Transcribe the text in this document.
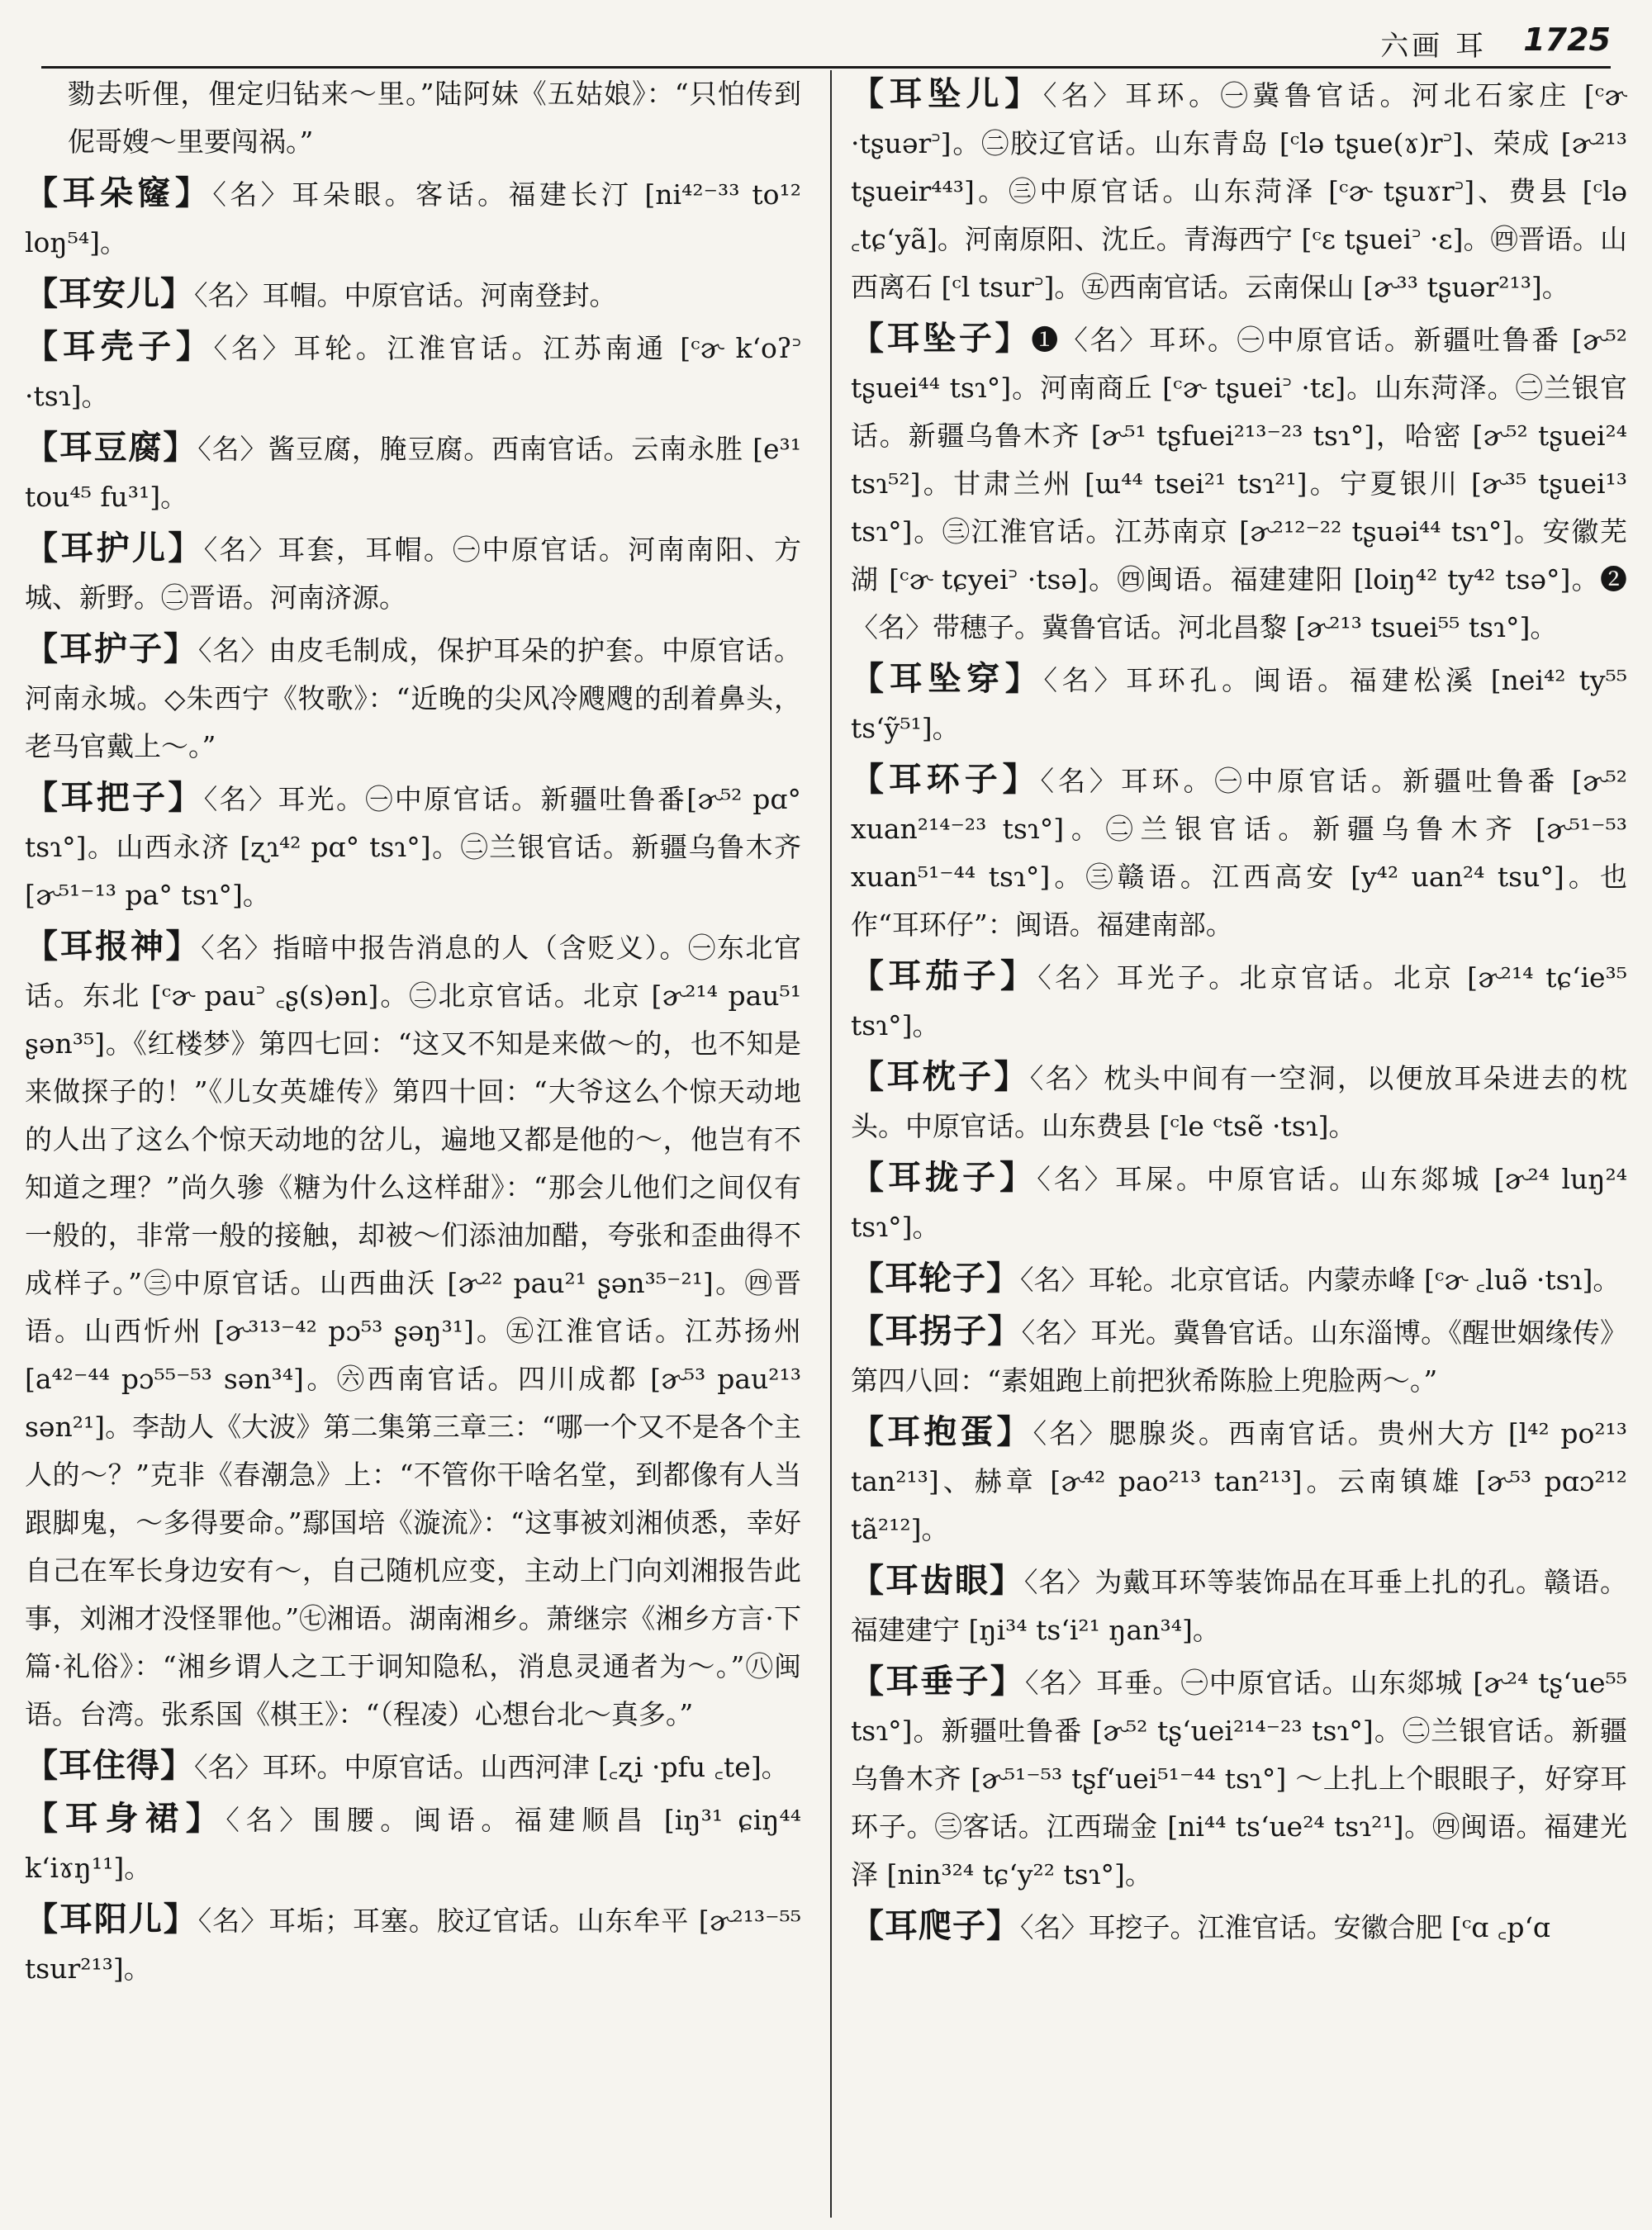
六画 耳 1725

勠去听俚，俚定归钻来～里。”陆阿妹《五姑娘》：“只怕传到伲哥嫂～里要闯祸。”

【耳朵窿】〈名〉耳朵眼。客话。福建长汀 [ni⁴²⁻³³ to¹² loŋ⁵⁴]。

【耳安儿】〈名〉耳帽。中原官话。河南登封。

【耳壳子】〈名〉耳轮。江淮官话。江苏南通 [ᶜɚ k‘oʔ꜄ ·tsɿ]。

【耳豆腐】〈名〉酱豆腐，腌豆腐。西南官话。云南永胜 [e³¹ tou⁴⁵ fu³¹]。

【耳护儿】〈名〉耳套，耳帽。㊀中原官话。河南南阳、方城、新野。㊁晋语。河南济源。

【耳护子】〈名〉由皮毛制成，保护耳朵的护套。中原官话。河南永城。◇朱西宁《牧歌》：“近晚的尖风冷飕飕的刮着鼻头，老马官戴上～。”

【耳把子】〈名〉耳光。㊀中原官话。新疆吐鲁番[ɚ⁵² pɑ° tsɿ°]。山西永济 [ʐɿ⁴² pɑ° tsɿ°]。㊁兰银官话。新疆乌鲁木齐 [ɚ⁵¹⁻¹³ pa° tsɿ°]。

【耳报神】〈名〉指暗中报告消息的人（含贬义）。㊀东北官话。东北 [ᶜɚ pau꜄ ꜀ʂ(s)ən]。㊁北京官话。北京 [ɚ²¹⁴ pau⁵¹ ʂən³⁵]。《红楼梦》第四七回：“这又不知是来做～的，也不知是来做探子的！”《儿女英雄传》第四十回：“大爷这么个惊天动地的人出了这么个惊天动地的岔儿，遍地又都是他的～，他岂有不知道之理？”尚久骖《糖为什么这样甜》：“那会儿他们之间仅有一般的，非常一般的接触，却被～们添油加醋，夸张和歪曲得不成样子。”㊂中原官话。山西曲沃 [ɚ²² pau²¹ ʂən³⁵⁻²¹]。㊃晋语。山西忻州 [ɚ³¹³⁻⁴² pɔ⁵³ ʂəŋ³¹]。㊄江淮官话。江苏扬州 [a⁴²⁻⁴⁴ pɔ⁵⁵⁻⁵³ sən³⁴]。㊅西南官话。四川成都 [ɚ⁵³ pau²¹³ sən²¹]。李劼人《大波》第二集第三章三：“哪一个又不是各个主人的～？”克非《春潮急》上：“不管你干啥名堂，到都像有人当跟脚鬼，～多得要命。”鄢国培《漩流》：“这事被刘湘侦悉，幸好自己在军长身边安有～，自己随机应变，主动上门向刘湘报告此事，刘湘才没怪罪他。”㊆湘语。湖南湘乡。萧继宗《湘乡方言·下篇·礼俗》：“湘乡谓人之工于诇知隐私，消息灵通者为～。”㊇闽语。台湾。张系国《棋王》：“（程凌）心想台北～真多。”

【耳住得】〈名〉耳环。中原官话。山西河津 [꜀ʐi ·pfu ꜀te]。

【耳身裙】〈名〉围腰。闽语。福建顺昌 [iŋ³¹ ɕiŋ⁴⁴ k‘iɤŋ¹¹]。

【耳阳儿】〈名〉耳垢；耳塞。胶辽官话。山东牟平 [ɚ²¹³⁻⁵⁵ tsur²¹³]。

【耳坠儿】〈名〉耳环。㊀冀鲁官话。河北石家庄 [ᶜɚ ·tʂuər꜄]。㊁胶辽官话。山东青岛 [ᶜlə tʂue(ɤ)r꜄]、荣成 [ɚ²¹³ tʂueir⁴⁴³]。㊂中原官话。山东菏泽 [ᶜɚ tʂuɤr꜄]、费县 [ᶜlə ꜀tɕ‘yã]。河南原阳、沈丘。青海西宁 [ᶜɛ tʂuei꜄ ·ɛ]。㊃晋语。山西离石 [ᶜl tsur꜄]。㊄西南官话。云南保山 [ɚ³³ tʂuər²¹³]。

【耳坠子】❶〈名〉耳环。㊀中原官话。新疆吐鲁番 [ɚ⁵² tʂuei⁴⁴ tsɿ°]。河南商丘 [ᶜɚ tʂuei꜄ ·tɛ]。山东菏泽。㊁兰银官话。新疆乌鲁木齐 [ɚ⁵¹ tʂfuei²¹³⁻²³ tsɿ°]，哈密 [ɚ⁵² tʂuei²⁴ tsɿ⁵²]。甘肃兰州 [ɯ⁴⁴ tsei²¹ tsɿ²¹]。宁夏银川 [ɚ³⁵ tʂuei¹³ tsɿ°]。㊂江淮官话。江苏南京 [ɚ²¹²⁻²² tʂuəi⁴⁴ tsɿ°]。安徽芜湖 [ᶜɚ tɕyei꜄ ·tsə]。㊃闽语。福建建阳 [loiŋ⁴² ty⁴² tsə°]。❷〈名〉带穗子。冀鲁官话。河北昌黎 [ɚ²¹³ tsuei⁵⁵ tsɿ°]。

【耳坠穿】〈名〉耳环孔。闽语。福建松溪 [nei⁴² ty⁵⁵ ts‘ỹ⁵¹]。

【耳环子】〈名〉耳环。㊀中原官话。新疆吐鲁番 [ɚ⁵² xuan²¹⁴⁻²³ tsɿ°]。㊁兰银官话。新疆乌鲁木齐 [ɚ⁵¹⁻⁵³ xuan⁵¹⁻⁴⁴ tsɿ°]。㊂赣语。江西高安 [y⁴² uan²⁴ tsu°]。也作“耳环仔”：闽语。福建南部。

【耳茄子】〈名〉耳光子。北京官话。北京 [ɚ²¹⁴ tɕ‘ie³⁵ tsɿ°]。

【耳枕子】〈名〉枕头中间有一空洞，以便放耳朵进去的枕头。中原官话。山东费县 [ᶜle ᶜtsẽ ·tsɿ]。

【耳拢子】〈名〉耳屎。中原官话。山东郯城 [ɚ²⁴ luŋ²⁴ tsɿ°]。

【耳轮子】〈名〉耳轮。北京官话。内蒙赤峰 [ᶜɚ ꜀luə̃ ·tsɿ]。

【耳拐子】〈名〉耳光。冀鲁官话。山东淄博。《醒世姻缘传》第四八回：“素姐跑上前把狄希陈脸上兜脸两～。”

【耳抱蛋】〈名〉腮腺炎。西南官话。贵州大方 [l⁴² po²¹³ tan²¹³]、赫章 [ɚ⁴² pao²¹³ tan²¹³]。云南镇雄 [ɚ⁵³ pɑɔ²¹² tã²¹²]。

【耳齿眼】〈名〉为戴耳环等装饰品在耳垂上扎的孔。赣语。福建建宁 [ŋi³⁴ ts‘i²¹ ŋan³⁴]。

【耳垂子】〈名〉耳垂。㊀中原官话。山东郯城 [ɚ²⁴ tʂ‘ue⁵⁵ tsɿ°]。新疆吐鲁番 [ɚ⁵² tʂ‘uei²¹⁴⁻²³ tsɿ°]。㊁兰银官话。新疆乌鲁木齐 [ɚ⁵¹⁻⁵³ tʂf‘uei⁵¹⁻⁴⁴ tsɿ°] ～上扎上个眼眼子，好穿耳环子。㊂客话。江西瑞金 [ni⁴⁴ ts‘ue²⁴ tsɿ²¹]。㊃闽语。福建光泽 [nin³²⁴ tɕ‘y²² tsɿ°]。

【耳爬子】〈名〉耳挖子。江淮官话。安徽合肥 [ᶜɑ ꜀p‘ɑ
